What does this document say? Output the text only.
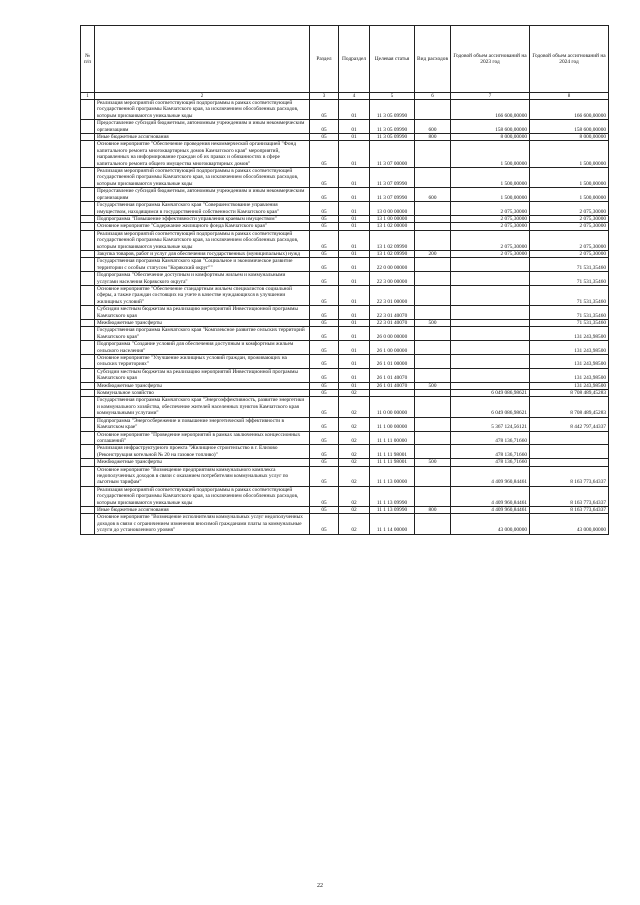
№ п/п	Наименование	Раздел	Подраздел	Целевая статья	Вид расходов	Годовой объем ассигнований на 2023 год	Годовой объем ассигнований на 2024 год
1	2	3	4	5	6	7	8
	Реализация мероприятий соответствующей подпрограммы в рамках соответствующей государственной программы Камчатского края, за исключением обособленных расходов, которым присваиваются уникальные коды	05	01	11 3 05 09990		166 600,00000	166 600,00000
	Предоставление субсидий бюджетным, автономным учреждениям и иным некоммерческим организациям	05	01	11 3 05 09990	600	158 600,00000	158 600,00000
	Иные бюджетные ассигнования	05	01	11 3 05 09990	800	8 000,00000	8 000,00000
	Основное мероприятие "Обеспечение проведения некоммерческой организацией "Фонд капитального ремонта многоквартирных домов Камчатского края" мероприятий, направленных на информирование граждан об их правах и обязанностях в сфере капитального ремонта общего имущества многоквартирных домов"	05	01	11 3 07 00000		1 500,00000	1 500,00000
	Реализация мероприятий соответствующей подпрограммы в рамках соответствующей государственной программы Камчатского края, за исключением обособленных расходов, которым присваиваются уникальные коды	05	01	11 3 07 09990		1 500,00000	1 500,00000
	Предоставление субсидий бюджетным, автономным учреждениям и иным некоммерческим организациям	05	01	11 3 07 09990	600	1 500,00000	1 500,00000
	Государственная программа Камчатского края "Совершенствование управления имуществом, находящимся в государственной собственности Камчатского края"	05	01	13 0 00 00000		2 075,30000	2 075,30000
	Подпрограмма "Повышение эффективности управления краевым имуществом"	05	01	13 1 00 00000		2 075,30000	2 075,30000
	Основное мероприятие "Содержание жилищного фонда Камчатского края"	05	01	13 1 02 00000		2 075,30000	2 075,30000
	Реализация мероприятий соответствующей подпрограммы в рамках соответствующей государственной программы Камчатского края, за исключением обособленных расходов, которым присваиваются уникальные коды	05	01	13 1 02 09990		2 075,30000	2 075,30000
	Закупка товаров, работ и услуг для обеспечения государственных (муниципальных) нужд	05	01	13 1 02 09990	200	2 075,30000	2 075,30000
	Государственная программа Камчатского края "Социальное и экономическое развитие территории с особым статусом "Корякский округ""	05	01	22 0 00 00000			71 531,35460
	Подпрограмма "Обеспечение доступным и комфортным жильем и коммунальными услугами населения Корякского округа"	05	01	22 3 00 00000			71 531,35460
	Основное мероприятие "Обеспечение стандартным жильем специалистов социальной сферы, а также граждан состоящих на учете в качестве нуждающихся в улучшении жилищных условий"	05	01	22 3 01 00000			71 531,35460
	Субсидии местным бюджетам на реализацию мероприятий Инвестиционной программы Камчатского края	05	01	22 3 01 40070			71 531,35460
	Межбюджетные трансферты	05	01	22 3 01 40070	500		71 531,35460
	Государственная программа Камчатского края "Комплексное развитие сельских территорий Камчатского края"	05	01	26 0 00 00000			131 243,98500
	Подпрограмма "Создание условий для обеспечения доступным и комфортным жильем сельского населения"	05	01	26 1 00 00000			131 243,98500
	Основное мероприятие "Улучшение жилищных условий граждан, проживающих на сельских территориях"	05	01	26 1 01 00000			131 243,98500
	Субсидии местным бюджетам на реализацию мероприятий Инвестиционной программы Камчатского края	05	01	26 1 01 40070			131 243,98500
	Межбюджетные трансферты	05	01	26 1 01 40070	500		131 243,98500
	Коммунальное хозяйство	05	02			6 049 086,98621	8 708 489,45283
	Государственная программа Камчатского края "Энергоэффективность, развитие энергетики и коммунального хозяйства, обеспечение жителей населенных пунктов Камчатского края коммунальными услугами"	05	02	11 0 00 00000		6 049 086,98621	8 708 489,45283
	Подпрограмма "Энергосбережение и повышение энергетической эффективности в Камчатском крае"	05	02	11 1 00 00000		5 367 124,56121	8 442 797,44337
	Основное мероприятие "Проведение мероприятий в рамках заключенных концессионных соглашений"	05	02	11 1 11 00000		478 136,71660	
	Реализация инфраструктурного проекта "Жилищное строительство в г. Елизово (Реконструкция котельной № 20 на газовое топливо)"	05	02	11 1 11 98001		478 136,71660	
	Межбюджетные трансферты	05	02	11 1 11 98001	500	478 136,71660	
	Основное мероприятие "Возмещение предприятиям коммунального комплекса недополученных доходов в связи с оказанием потребителям коммунальных услуг по льготным тарифам"	05	02	11 1 13 00000		4 409 960,84461	8 163 773,64337
	Реализация мероприятий соответствующей подпрограммы в рамках соответствующей государственной программы Камчатского края, за исключением обособленных расходов, которым присваиваются уникальные коды	05	02	11 1 13 09990		4 409 960,84461	8 163 773,64337
	Иные бюджетные ассигнования	05	02	11 1 13 09990	800	4 409 960,84461	8 163 773,64337
	Основное мероприятие "Возмещение исполнителям коммунальных услуг недополученных доходов в связи с ограничением изменения вносимой гражданами платы за коммунальные услуги до установленного уровня"	05	02	11 1 14 00000		43 000,00000	43 000,00000
22
